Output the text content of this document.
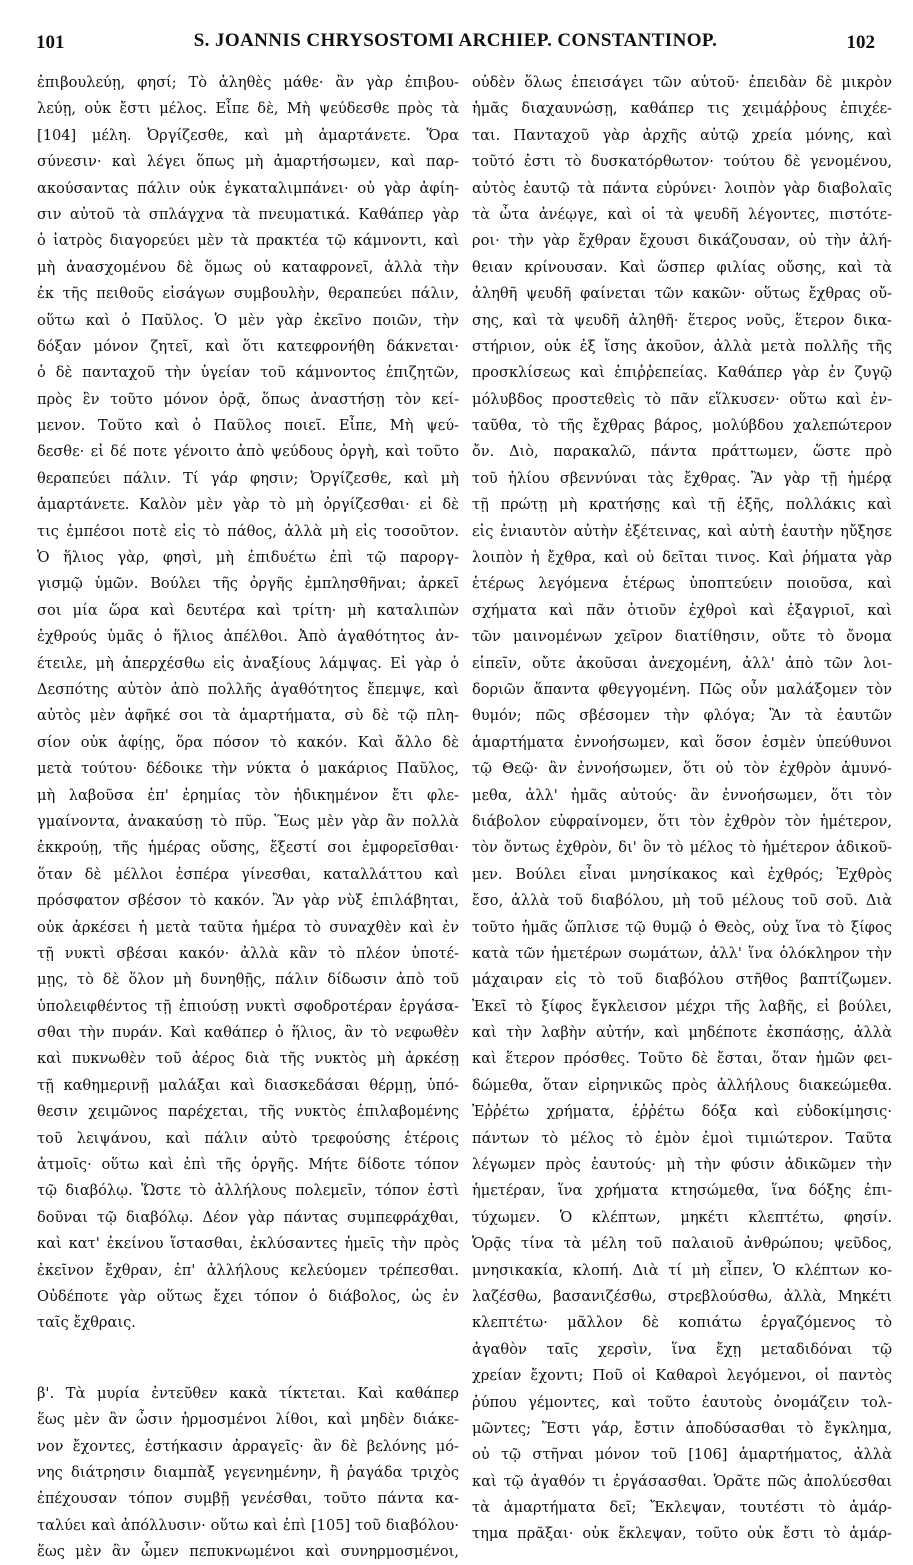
101	S. JOANNIS CHRYSOSTOMI ARCHIEP. CONSTANTINOP.	102
ἐπιβουλεύῃ, φησί; Τὸ ἀληθὲς μάθε· ἂν γὰρ ἐπιβου-
λεύῃ, οὐκ ἔστι μέλος. Εἶπε δὲ, Μὴ ψεύδεσθε πρὸς τὰ
[104] μέλη. Ὀργίζεσθε, καὶ μὴ ἁμαρτάνετε. Ὅρα
σύνεσιν· καὶ λέγει ὅπως μὴ ἁμαρτήσωμεν, καὶ παρ-
ακούσαντας πάλιν οὐκ ἐγκαταλιμπάνει· οὐ γὰρ ἀφίη-
σιν αὐτοῦ τὰ σπλάγχνα τὰ πνευματικά. Καθάπερ γὰρ
ὁ ἰατρὸς διαγορεύει μὲν τὰ πρακτέα τῷ κάμνοντι, καὶ
μὴ ἀνασχομένου δὲ ὅμως οὐ καταφρονεῖ, ἀλλὰ τὴν
ἐκ τῆς πειθοῦς εἰσάγων συμβουλὴν, θεραπεύει πάλιν,
οὕτω καὶ ὁ Παῦλος. Ὁ μὲν γὰρ ἐκεῖνο ποιῶν, τὴν
δόξαν μόνον ζητεῖ, καὶ ὅτι κατεφρονήθη δάκνεται·
ὁ δὲ πανταχοῦ τὴν ὑγείαν τοῦ κάμνοντος ἐπιζητῶν,
πρὸς ἓν τοῦτο μόνον ὁρᾷ, ὅπως ἀναστήσῃ τὸν κεί-
μενον. Τοῦτο καὶ ὁ Παῦλος ποιεῖ. Εἶπε, Μὴ ψεύ-
δεσθε· εἰ δέ ποτε γένοιτο ἀπὸ ψεύδους ὀργὴ, καὶ τοῦτο
θεραπεύει πάλιν. Τί γάρ φησιν; Ὀργίζεσθε, καὶ μὴ
ἁμαρτάνετε. Καλὸν μὲν γὰρ τὸ μὴ ὀργίζεσθαι· εἰ δὲ
τις ἐμπέσοι ποτὲ εἰς τὸ πάθος, ἀλλὰ μὴ εἰς τοσοῦτον.
Ὁ ἥλιος γὰρ, φησὶ, μὴ ἐπιδυέτω ἐπὶ τῷ παροργ-
γισμῷ ὑμῶν. Βούλει τῆς ὀργῆς ἐμπλησθῆναι; ἀρκεῖ
σοι μία ὥρα καὶ δευτέρα καὶ τρίτη· μὴ καταλιπὼν
ἐχθρούς ὑμᾶς ὁ ἥλιος ἀπέλθοι. Ἀπὸ ἀγαθότητος ἀν-
έτειλε, μὴ ἀπερχέσθω εἰς ἀναξίους λάμψας. Εἰ γὰρ ὁ
Δεσπότης αὐτὸν ἀπὸ πολλῆς ἀγαθότητος ἔπεμψε, καὶ
αὐτὸς μὲν ἀφῆκέ σοι τὰ ἁμαρτήματα, σὺ δὲ τῷ πλη-
σίον οὐκ ἀφίῃς, ὅρα πόσον τὸ κακόν. Καὶ ἄλλο δὲ
μετὰ τούτου· δέδοικε τὴν νύκτα ὁ μακάριος Παῦλος,
μὴ λαβοῦσα ἐπ' ἐρημίας τὸν ἠδικημένον ἔτι φλε-
γμαίνοντα, ἀνακαύσῃ τὸ πῦρ. Ἕως μὲν γὰρ ἂν πολλὰ
ἐκκρούῃ, τῆς ἡμέρας οὔσης, ἔξεστί σοι ἐμφορεῖσθαι·
ὅταν δὲ μέλλοι ἑσπέρα γίνεσθαι, καταλλάττου καὶ
πρόσφατον σβέσον τὸ κακόν. Ἂν γὰρ νὺξ ἐπιλάβηται,
οὐκ ἀρκέσει ἡ μετὰ ταῦτα ἡμέρα τὸ συναχθὲν καὶ ἐν
τῇ νυκτὶ σβέσαι κακόν· ἀλλὰ κἂν τὸ πλέον ὑποτέ-
μῃς, τὸ δὲ ὅλον μὴ δυνηθῇς, πάλιν δίδωσιν ἀπὸ τοῦ
ὑπολειφθέντος τῇ ἐπιούσῃ νυκτὶ σφοδροτέραν ἐργάσα-
σθαι τὴν πυράν. Καὶ καθάπερ ὁ ἥλιος, ἂν τὸ νεφωθὲν
καὶ πυκνωθὲν τοῦ ἀέρος διὰ τῆς νυκτὸς μὴ ἀρκέσῃ
τῇ καθημερινῇ μαλάξαι καὶ διασκεδάσαι θέρμῃ, ὑπό-
θεσιν χειμῶνος παρέχεται, τῆς νυκτὸς ἐπιλαβομένης
τοῦ λειψάνου, καὶ πάλιν αὐτὸ τρεφούσης ἑτέροις
ἀτμοῖς· οὕτω καὶ ἐπὶ τῆς ὀργῆς. Μήτε δίδοτε τόπον
τῷ διαβόλῳ. Ὥστε τὸ ἀλλήλους πολεμεῖν, τόπον ἐστὶ
δοῦναι τῷ διαβόλῳ. Δέον γὰρ πάντας συμπεφράχθαι,
καὶ κατ' ἐκείνου ἵστασθαι, ἐκλύσαντες ἡμεῖς τὴν πρὸς
ἐκεῖνον ἔχθραν, ἐπ' ἀλλήλους κελεύομεν τρέπεσθαι.
Οὐδέποτε γὰρ οὕτως ἔχει τόπον ὁ διάβολος, ὡς ἐν
ταῖς ἔχθραις.
β'. Τὰ μυρία ἐντεῦθεν κακὰ τίκτεται. Καὶ καθάπερ
ἕως μὲν ἂν ὦσιν ἡρμοσμένοι λίθοι, καὶ μηδὲν διάκε-
νον ἔχοντες, ἑστήκασιν ἀρραγεῖς· ἂν δὲ βελόνης μό-
νης διάτρησιν διαμπὰξ γεγενημένην, ἢ ῥαγάδα τριχὸς
ἐπέχουσαν τόπον συμβῇ γενέσθαι, τοῦτο πάντα κα-
ταλύει καὶ ἀπόλλυσιν· οὕτω καὶ ἐπὶ [105] τοῦ διαβόλου·
ἕως μὲν ἂν ὦμεν πεπυκνωμένοι καὶ συνηρμοσμένοι,
οὐδὲν ὅλως ἐπεισάγει τῶν αὐτοῦ· ἐπειδὰν δὲ μικρὸν
ἡμᾶς διαχαυνώσῃ, καθάπερ τις χειμάῤῥους ἐπιχέε-
ται. Πανταχοῦ γὰρ ἀρχῆς αὐτῷ χρεία μόνης, καὶ
τοῦτό ἐστι τὸ δυσκατόρθωτον· τούτου δὲ γενομένου,
αὐτὸς ἑαυτῷ τὰ πάντα εὐρύνει· λοιπὸν γὰρ διαβολαῖς
τὰ ὦτα ἀνέῳγε, καὶ οἱ τὰ ψευδῆ λέγοντες, πιστότε-
ροι· τὴν γὰρ ἔχθραν ἔχουσι δικάζουσαν, οὐ τὴν ἀλή-
θειαν κρίνουσαν. Καὶ ὥσπερ φιλίας οὔσης, καὶ τὰ
ἀληθῆ ψευδῆ φαίνεται τῶν κακῶν· οὕτως ἔχθρας οὔ-
σης, καὶ τὰ ψευδῆ ἀληθῆ· ἕτερος νοῦς, ἕτερον δικα-
στήριον, οὐκ ἐξ ἴσης ἀκοῦον, ἀλλὰ μετὰ πολλῆς τῆς
προσκλίσεως καὶ ἐπιῤῥεπείας. Καθάπερ γὰρ ἐν ζυγῷ
μόλυβδος προστεθεὶς τὸ πᾶν εἵλκυσεν· οὕτω καὶ ἐν-
ταῦθα, τὸ τῆς ἔχθρας βάρος, μολύβδου χαλεπώτερον
ὄν. Διὸ, παρακαλῶ, πάντα πράττωμεν, ὥστε πρὸ
τοῦ ἡλίου σβεννύναι τὰς ἔχθρας. Ἂν γὰρ τῇ ἡμέρᾳ
τῇ πρώτῃ μὴ κρατήσῃς καὶ τῇ ἑξῆς, πολλάκις καὶ
εἰς ἐνιαυτὸν αὐτὴν ἐξέτεινας, καὶ αὐτὴ ἑαυτὴν ηὔξησε
λοιπὸν ἡ ἔχθρα, καὶ οὐ δεῖται τινος. Καὶ ῥήματα γὰρ
ἑτέρως λεγόμενα ἑτέρως ὑποπτεύειν ποιοῦσα, καὶ
σχήματα καὶ πᾶν ὁτιοῦν ἐχθροὶ καὶ ἐξαγριοῖ, καὶ
τῶν μαινομένων χεῖρον διατίθησιν, οὔτε τὸ ὄνομα
εἰπεῖν, οὔτε ἀκοῦσαι ἀνεχομένη, ἀλλ' ἀπὸ τῶν λοι-
δοριῶν ἅπαντα φθεγγομένη. Πῶς οὖν μαλάξομεν τὸν
θυμόν; πῶς σβέσομεν τὴν φλόγα; Ἂν τὰ ἑαυτῶν
ἁμαρτήματα ἐννοήσωμεν, καὶ ὅσον ἐσμὲν ὑπεύθυνοι
τῷ Θεῷ· ἂν ἐννοήσωμεν, ὅτι οὐ τὸν ἐχθρὸν ἀμυνό-
μεθα, ἀλλ' ἡμᾶς αὐτούς· ἂν ἐννοήσωμεν, ὅτι τὸν
διάβολον εὐφραίνομεν, ὅτι τὸν ἐχθρὸν τὸν ἡμέτερον,
τὸν ὄντως ἐχθρὸν, δι' ὃν τὸ μέλος τὸ ἡμέτερον ἀδικοῦ-
μεν. Βούλει εἶναι μνησίκακος καὶ ἐχθρός; Ἐχθρὸς
ἔσο, ἀλλὰ τοῦ διαβόλου, μὴ τοῦ μέλους τοῦ σοῦ. Διὰ
τοῦτο ἡμᾶς ὥπλισε τῷ θυμῷ ὁ Θεὸς, οὐχ ἵνα τὸ ξίφος
κατὰ τῶν ἡμετέρων σωμάτων, ἀλλ' ἵνα ὁλόκληρον τὴν
μάχαιραν εἰς τὸ τοῦ διαβόλου στῆθος βαπτίζωμεν.
Ἐκεῖ τὸ ξίφος ἔγκλεισον μέχρι τῆς λαβῆς, εἰ βούλει,
καὶ τὴν λαβὴν αὐτήν, καὶ μηδέποτε ἐκσπάσῃς, ἀλλὰ
καὶ ἕτερον πρόσθες. Τοῦτο δὲ ἔσται, ὅταν ἡμῶν φει-
δώμεθα, ὅταν εἰρηνικῶς πρὸς ἀλλήλους διακεώμεθα.
Ἐῤῥέτω χρήματα, ἐῤῥέτω δόξα καὶ εὐδοκίμησις·
πάντων τὸ μέλος τὸ ἐμὸν ἐμοὶ τιμιώτερον. Ταῦτα
λέγωμεν πρὸς ἑαυτούς· μὴ τὴν φύσιν ἀδικῶμεν τὴν
ἡμετέραν, ἵνα χρήματα κτησώμεθα, ἵνα δόξης ἐπι-
τύχωμεν. Ὁ κλέπτων, μηκέτι κλεπτέτω, φησίν.
Ὁρᾷς τίνα τὰ μέλη τοῦ παλαιοῦ ἀνθρώπου; ψεῦδος,
μνησικακία, κλοπή. Διὰ τί μὴ εἶπεν, Ὁ κλέπτων κο-
λαζέσθω, βασανιζέσθω, στρεβλούσθω, ἀλλὰ, Μηκέτι
κλεπτέτω· μᾶλλον δὲ κοπιάτω ἐργαζόμενος τὸ
ἀγαθὸν ταῖς χερσὶν, ἵνα ἔχῃ μεταδιδόναι τῷ
χρείαν ἔχοντι; Ποῦ οἱ Καθαροὶ λεγόμενοι, οἱ παντὸς
ῥύπου γέμοντες, καὶ τοῦτο ἑαυτοὺς ὀνομάζειν τολ-
μῶντες; Ἔστι γάρ, ἔστιν ἀποδύσασθαι τὸ ἔγκλημα,
οὐ τῷ στῆναι μόνον τοῦ [106] ἁμαρτήματος, ἀλλὰ
καὶ τῷ ἀγαθόν τι ἐργάσασθαι. Ὁρᾶτε πῶς ἀπολύεσθαι
τὰ ἁμαρτήματα δεῖ; Ἔκλεψαν, τουτέστι τὸ ἁμάρ-
τημα πρᾶξαι· οὐκ ἔκλεψαν, τοῦτο οὐκ ἔστι τὸ ἁμάρ-
